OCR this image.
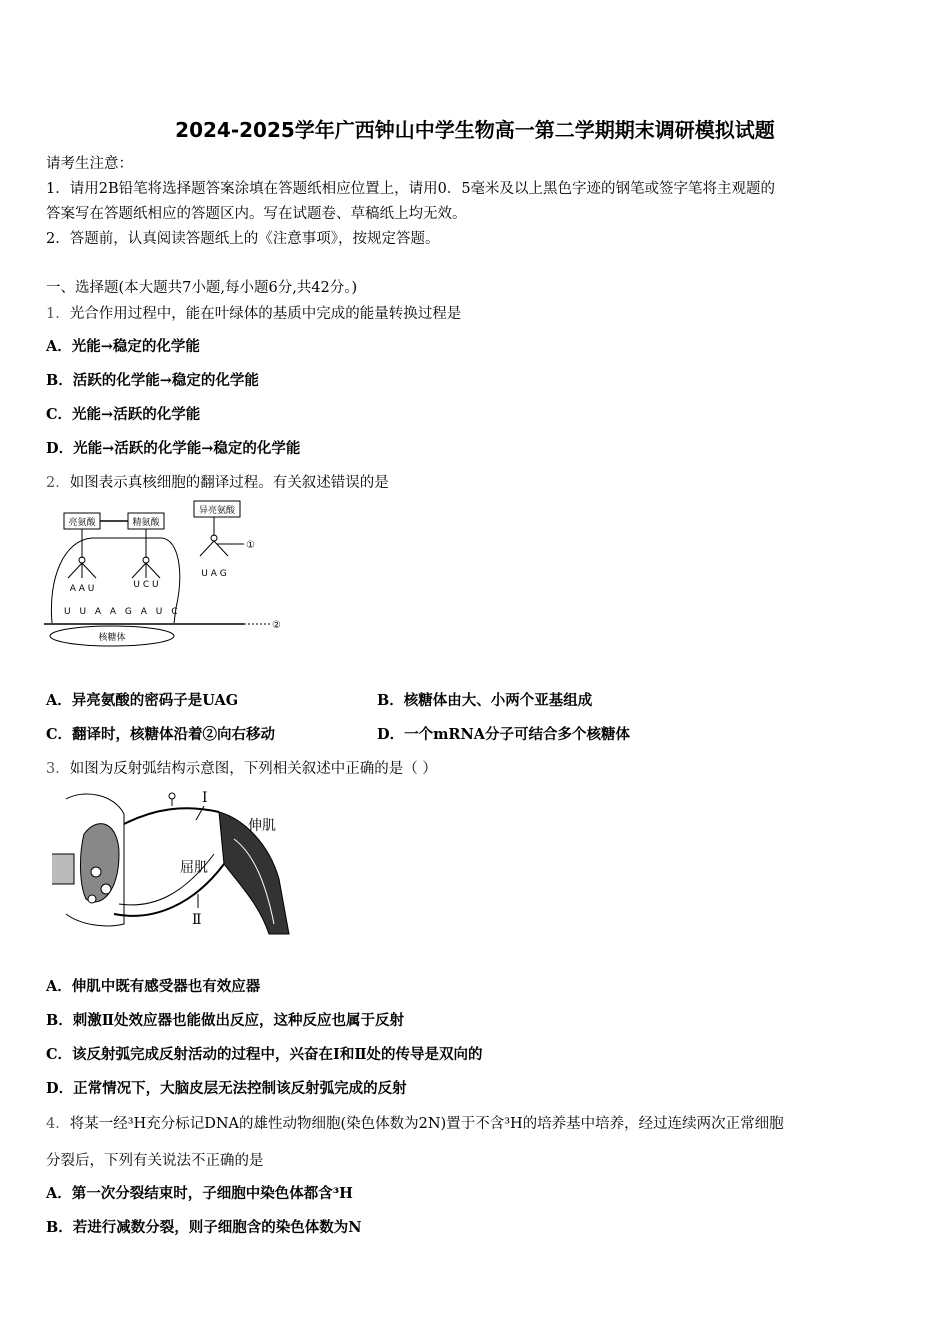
2024-2025学年广西钟山中学生物高一第二学期期末调研模拟试题
请考生注意：
1．请用2B铅笔将选择题答案涂填在答题纸相应位置上，请用0．5毫米及以上黑色字迹的钢笔或签字笔将主观题的
答案写在答题纸相应的答题区内。写在试题卷、草稿纸上均无效。
2．答题前，认真阅读答题纸上的《注意事项》，按规定答题。
一、选择题(本大题共7小题,每小题6分,共42分。)
1．光合作用过程中，能在叶绿体的基质中完成的能量转换过程是
A．光能→稳定的化学能
B．活跃的化学能→稳定的化学能
C．光能→活跃的化学能
D．光能→活跃的化学能→稳定的化学能
2．如图表示真核细胞的翻译过程。有关叙述错误的是
亮氨酸	精氨酸
异亮氨酸
A A U	U C U
①
U A G
U U A A G A U C
②
核糖体
A．异亮氨酸的密码子是UAG	B．核糖体由大、小两个亚基组成
C．翻译时，核糖体沿着②向右移动	D．一个mRNA分子可结合多个核糖体
3．如图为反射弧结构示意图，下列相关叙述中正确的是（ ）
Ⅰ
Ⅱ
伸肌
屈肌
A．伸肌中既有感受器也有效应器
B．刺激Ⅱ处效应器也能做出反应，这种反应也属于反射
C．该反射弧完成反射活动的过程中，兴奋在Ⅰ和Ⅱ处的传导是双向的
D．正常情况下，大脑皮层无法控制该反射弧完成的反射
4．将某一经³H充分标记DNA的雄性动物细胞(染色体数为2N)置于不含³H的培养基中培养，经过连续两次正常细胞
分裂后，下列有关说法不正确的是
A．第一次分裂结束时，子细胞中染色体都含³H
B．若进行减数分裂，则子细胞含的染色体数为N
